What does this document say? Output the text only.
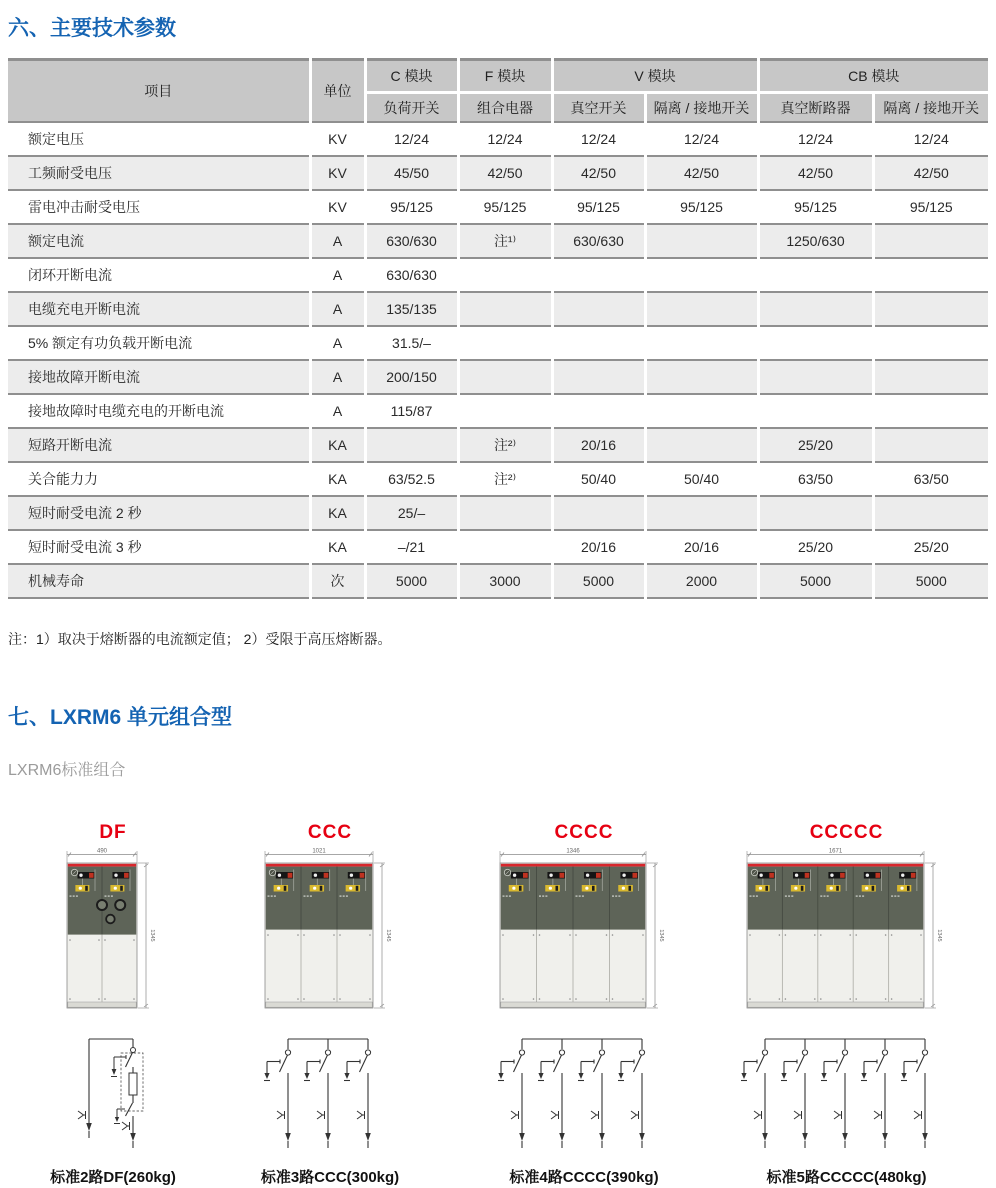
六、主要技术参数
项目	单位	C 模块	F 模块	V 模块		CB 模块	
		负荷开关	组合电器	真空开关	隔离 / 接地开关	真空断路器	隔离 / 接地开关
额定电压	KV	12/24	12/24	12/24	12/24	12/24	12/24
工频耐受电压	KV	45/50	42/50	42/50	42/50	42/50	42/50
雷电冲击耐受电压	KV	95/125	95/125	95/125	95/125	95/125	95/125
额定电流	A	630/630	注¹⁾	630/630		1250/630	
闭环开断电流	A	630/630					
电缆充电开断电流	A	135/135					
5% 额定有功负载开断电流	A	31.5/–					
接地故障开断电流	A	200/150					
接地故障时电缆充电的开断电流	A	115/87					
短路开断电流	KA		注²⁾	20/16		25/20	
关合能力力	KA	63/52.5	注²⁾	50/40	50/40	63/50	63/50
短时耐受电流 2 秒	KA	25/–					
短时耐受电流 3 秒	KA	–/21		20/16	20/16	25/20	25/20
机械寿命	次	5000	3000	5000	2000	5000	5000

注：1）取决于熔断器的电流额定值； 2）受限于高压熔断器。

七、LXRM6 单元组合型

LXRM6标准组合

DF
490
1345
标准2路DF(260kg)
CCC
1021
1345
标准3路CCC(300kg)
CCCC
1346
1345
标准4路CCCC(390kg)
CCCCC
1671
1345
标准5路CCCCC(480kg)
